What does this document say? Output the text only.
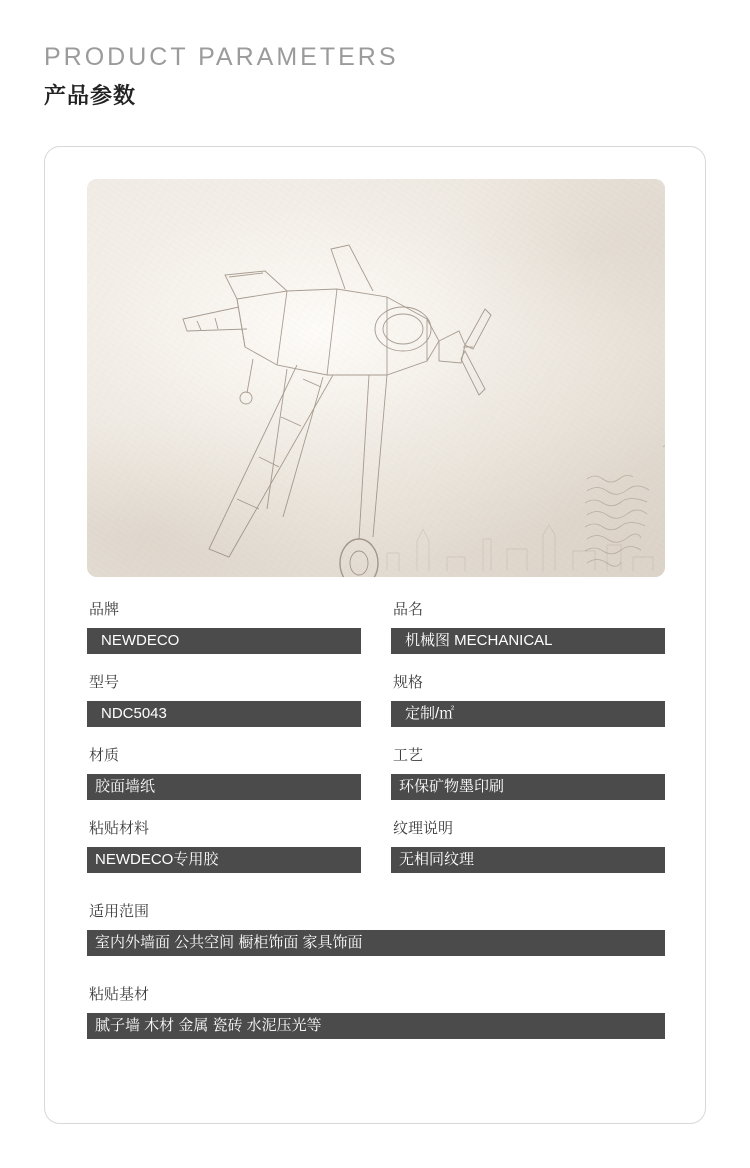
PRODUCT PARAMETERS
产品参数
品牌
NEWDECO
品名
机械图 MECHANICAL
型号
NDC5043
规格
定制/㎡
材质
胶面墙纸
工艺
环保矿物墨印刷
粘贴材料
NEWDECO专用胶
纹理说明
无相同纹理
适用范围
室内外墙面 公共空间 橱柜饰面 家具饰面
粘贴基材
腻子墙 木材 金属 瓷砖 水泥压光等
